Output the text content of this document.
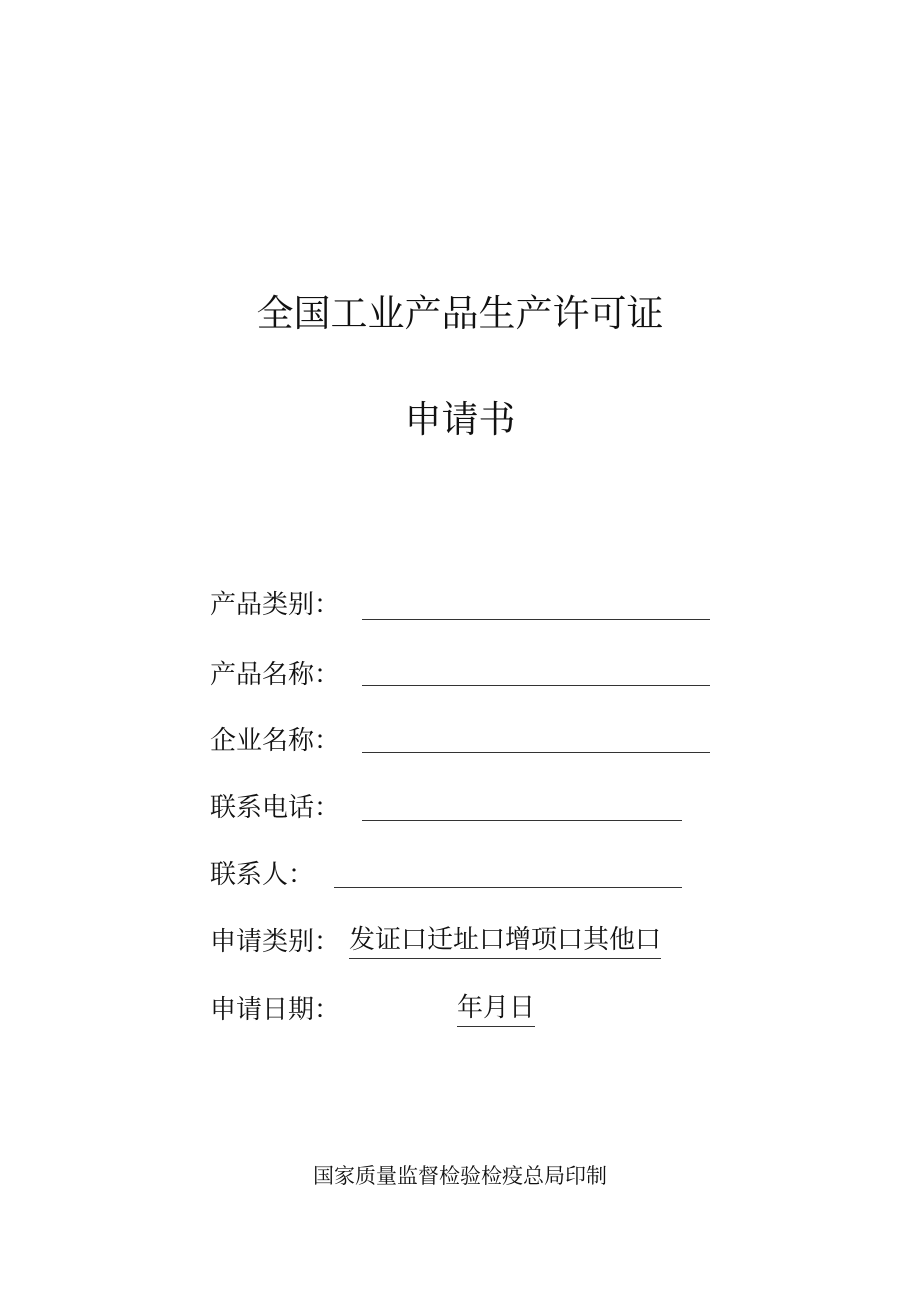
全国工业产品生产许可证
申请书
产品类别：
产品名称：
企业名称：
联系电话：
联系人：
申请类别： 发证口迁址口增项口其他口
申请日期：	年月日
国家质量监督检验检疫总局印制
